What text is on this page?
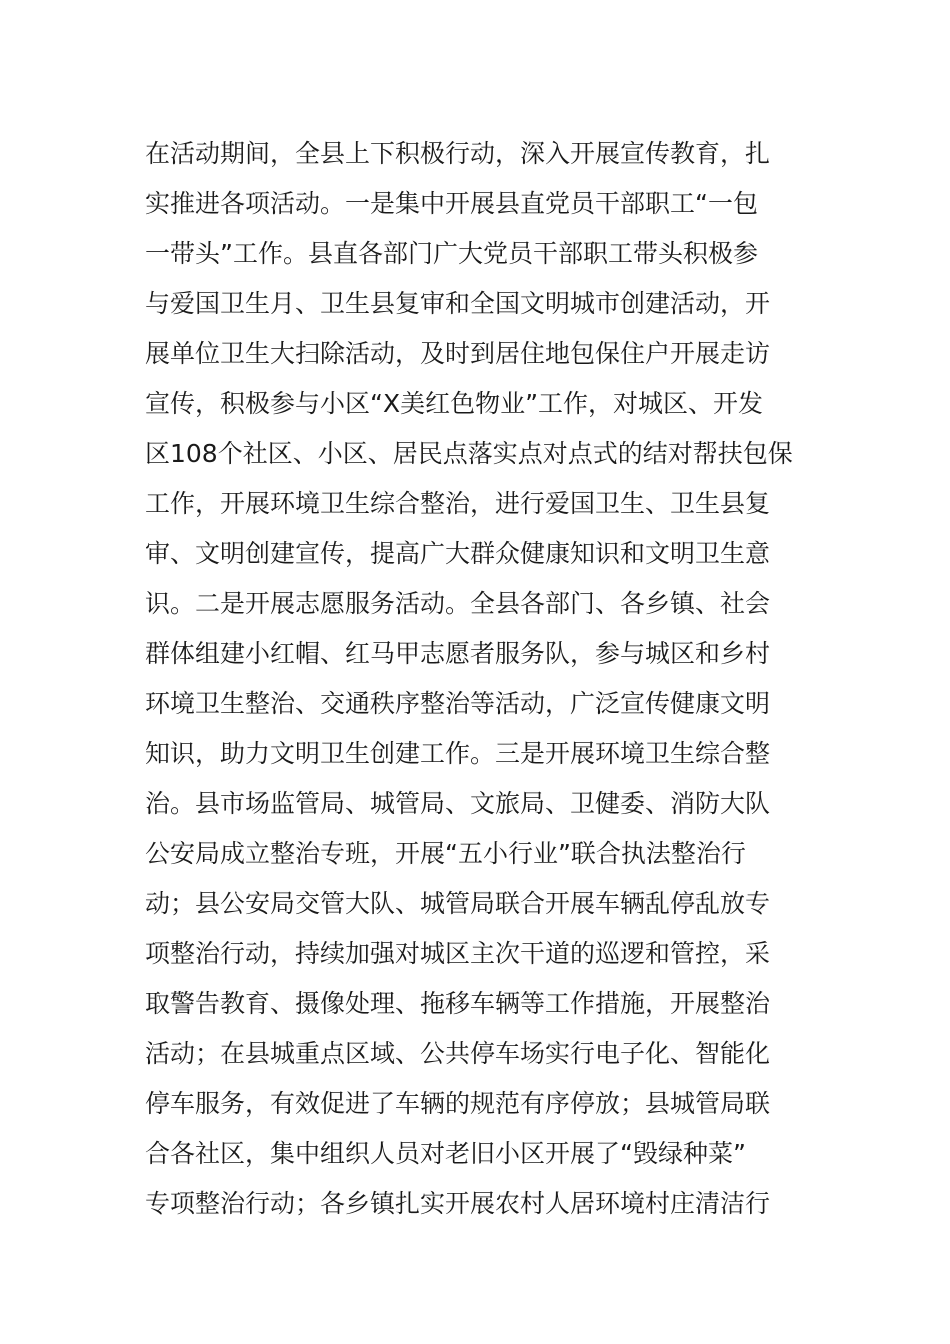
在活动期间，全县上下积极行动，深入开展宣传教育，扎
实推进各项活动。一是集中开展县直党员干部职工“一包
一带头”工作。县直各部门广大党员干部职工带头积极参
与爱国卫生月、卫生县复审和全国文明城市创建活动，开
展单位卫生大扫除活动，及时到居住地包保住户开展走访
宣传，积极参与小区“X美红色物业”工作，对城区、开发
区108个社区、小区、居民点落实点对点式的结对帮扶包保
工作，开展环境卫生综合整治，进行爱国卫生、卫生县复
审、文明创建宣传，提高广大群众健康知识和文明卫生意
识。二是开展志愿服务活动。全县各部门、各乡镇、社会
群体组建小红帽、红马甲志愿者服务队，参与城区和乡村
环境卫生整治、交通秩序整治等活动，广泛宣传健康文明
知识，助力文明卫生创建工作。三是开展环境卫生综合整
治。县市场监管局、城管局、文旅局、卫健委、消防大队
公安局成立整治专班，开展“五小行业”联合执法整治行
动；县公安局交管大队、城管局联合开展车辆乱停乱放专
项整治行动，持续加强对城区主次干道的巡逻和管控，采
取警告教育、摄像处理、拖移车辆等工作措施，开展整治
活动；在县城重点区域、公共停车场实行电子化、智能化
停车服务，有效促进了车辆的规范有序停放；县城管局联
合各社区，集中组织人员对老旧小区开展了“毁绿种菜”
专项整治行动；各乡镇扎实开展农村人居环境村庄清洁行
